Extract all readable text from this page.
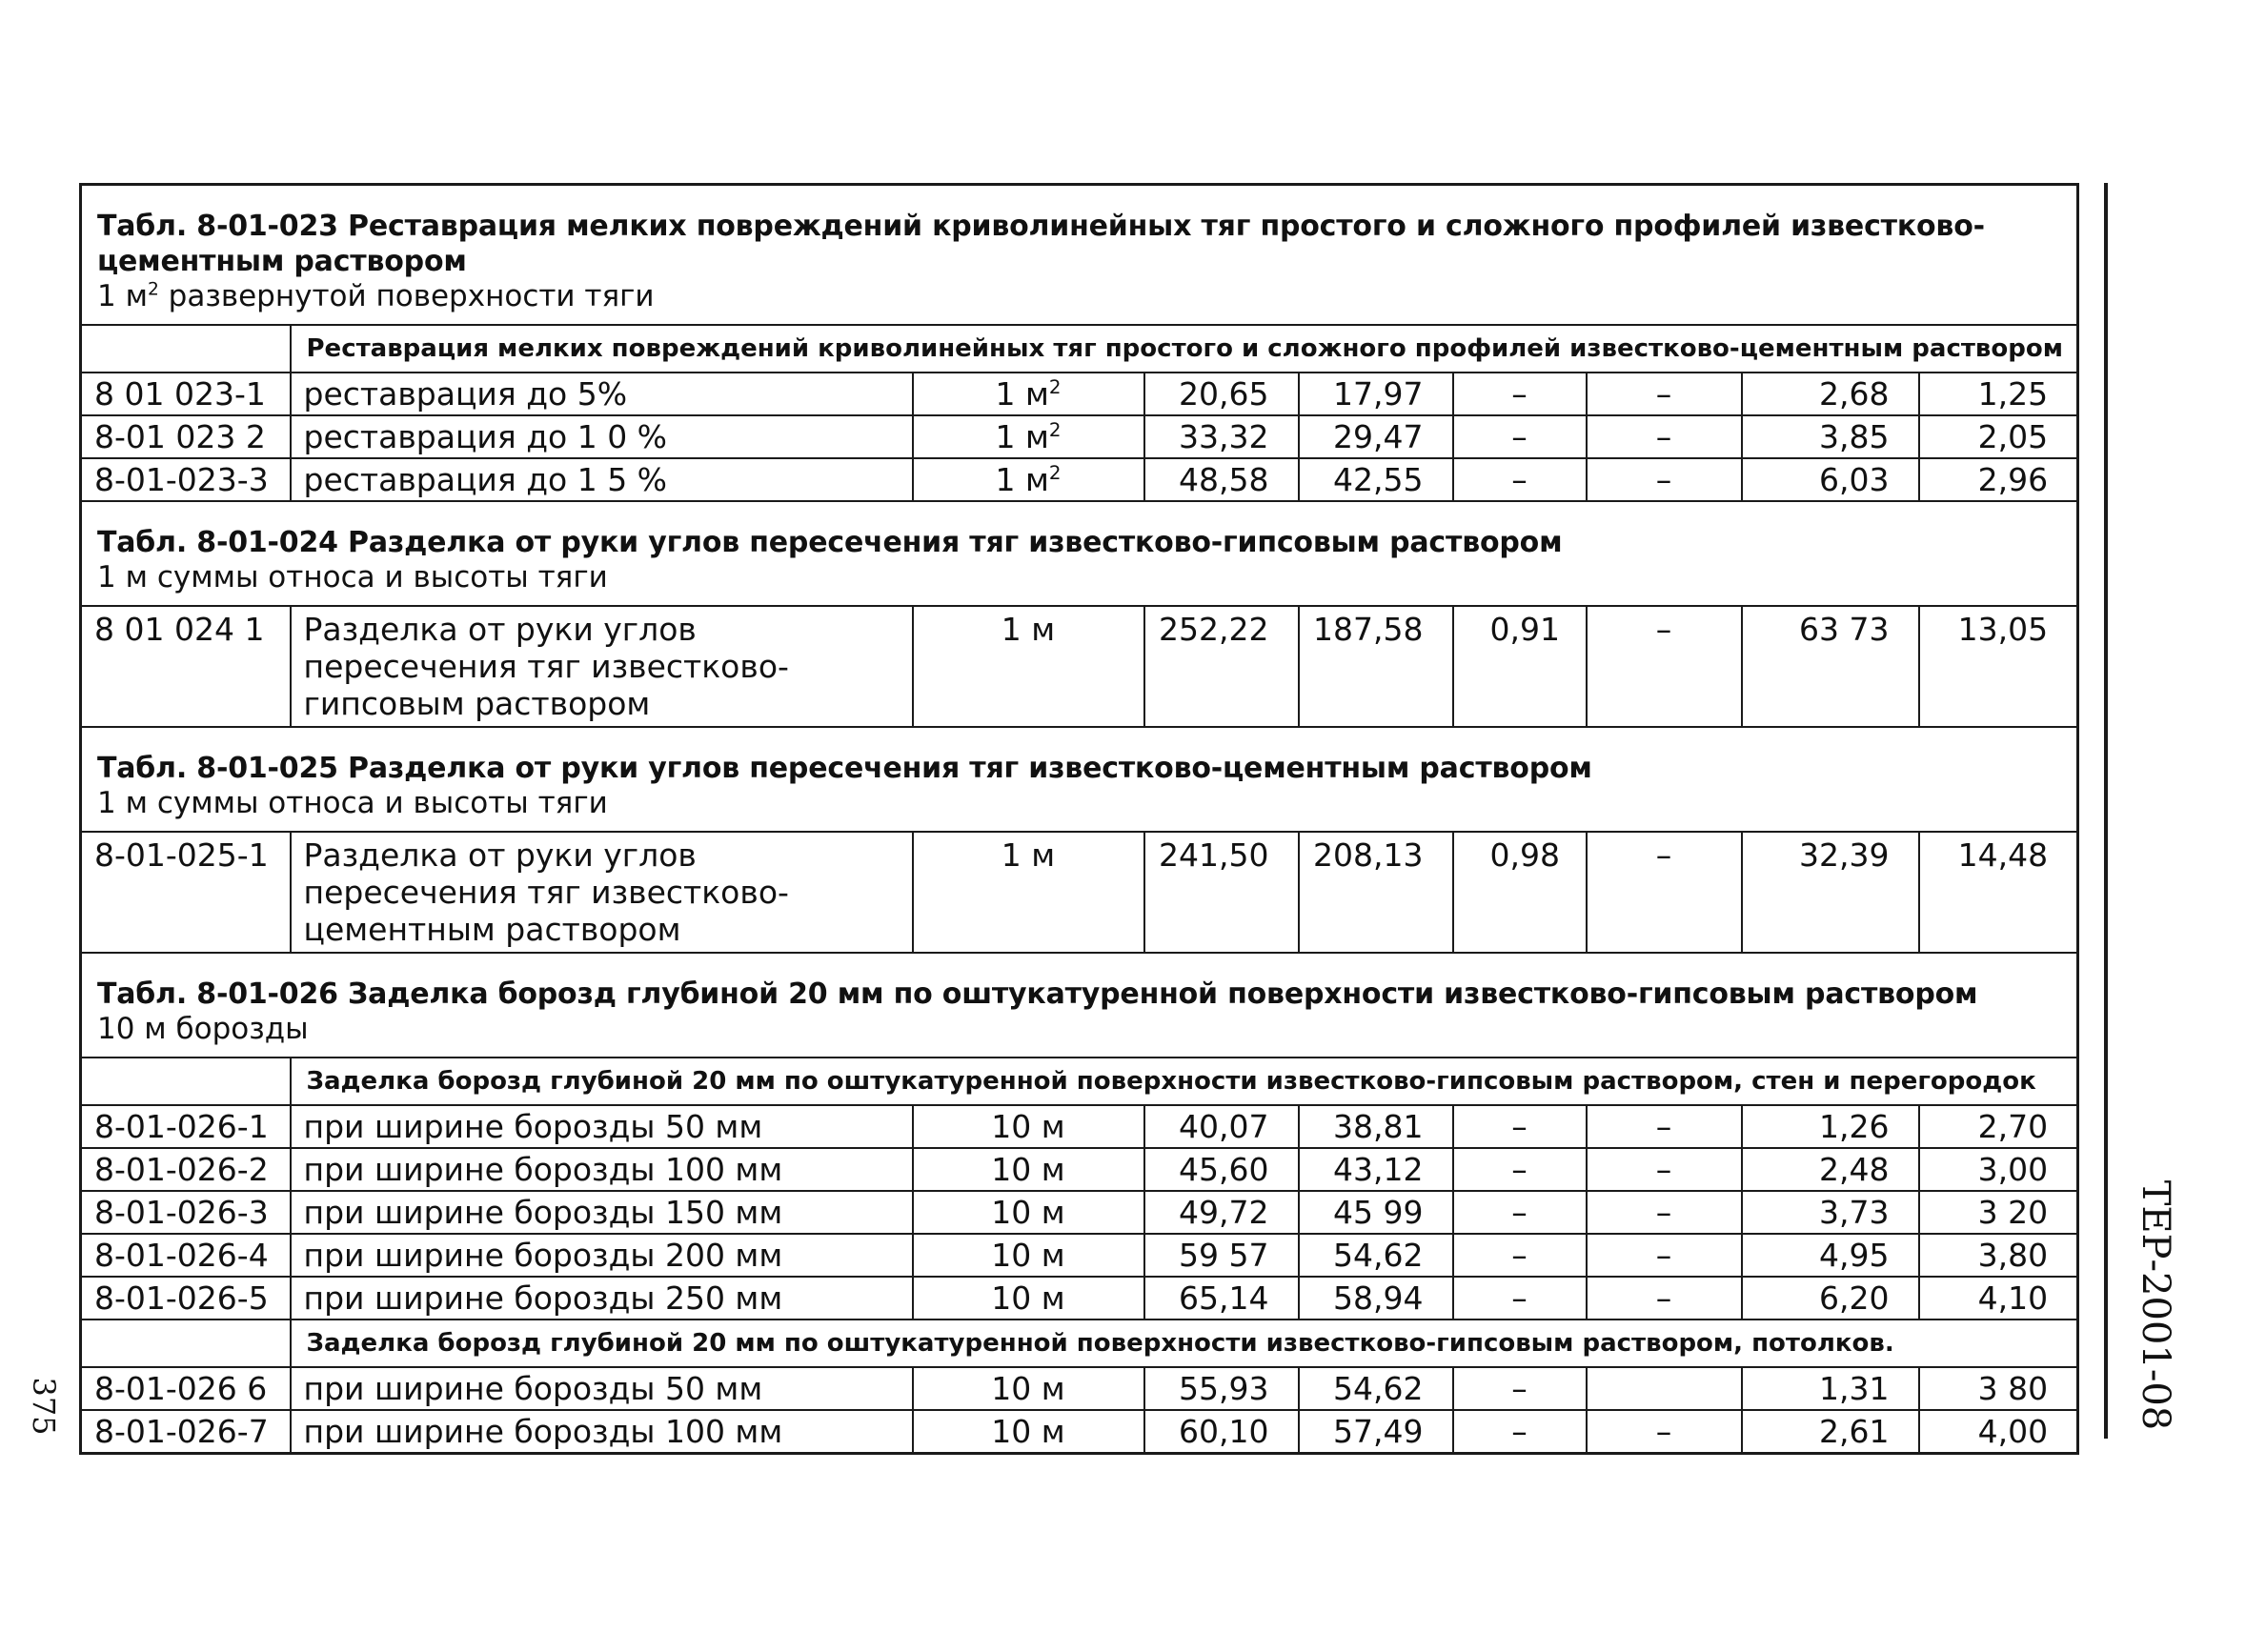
Табл. 8-01-023 Реставрация мелких повреждений криволинейных тяг простого и сложного профилей известково-цементным раствором
1 $м^2$ развернутой поверхности тяги								

	Реставрация мелких повреждений криволинейных тяг простого и сложного профилей известково-цементным раствором							
8 01 023-1	реставрация до 5%	1 $м^2$	20,65	17,97	–	–	2,68	1,25
8-01 023 2	реставрация до 1 0 %	1 $м^2$	33,32	29,47	–	–	3,85	2,05
8-01-023-3	реставрация до 1 5 %	1 $м^2$	48,58	42,55	–	–	6,03	2,96

Табл. 8-01-024 Разделка от руки углов пересечения тяг известково-гипсовым раствором
1 м суммы относа и высоты тяги								

8 01 024 1	Разделка от руки углов пересечения тяг известково-гипсовым раствором	1 м	252,22	187,58	0,91	–	63 73	13,05

Табл. 8-01-025 Разделка от руки углов пересечения тяг известково-цементным раствором
1 м суммы относа и высоты тяги								

8-01-025-1	Разделка от руки углов пересечения тяг известково-цементным раствором	1 м	241,50	208,13	0,98	–	32,39	14,48

Табл. 8-01-026 Заделка борозд глубиной 20 мм по оштукатуренной поверхности известково-гипсовым раствором
10 м борозды								

	Заделка борозд глубиной 20 мм по оштукатуренной поверхности известково-гипсовым раствором, стен и перегородок							
8-01-026-1	при ширине борозды 50 мм	10 м	40,07	38,81	–	–	1,26	2,70
8-01-026-2	при ширине борозды 100 мм	10 м	45,60	43,12	–	–	2,48	3,00
8-01-026-3	при ширине борозды 150 мм	10 м	49,72	45 99	–	–	3,73	3 20
8-01-026-4	при ширине борозды 200 мм	10 м	59 57	54,62	–	–	4,95	3,80
8-01-026-5	при ширине борозды 250 мм	10 м	65,14	58,94	–	–	6,20	4,10
	Заделка борозд глубиной 20 мм по оштукатуренной поверхности известково-гипсовым раствором, потолков.							
8-01-026 6	при ширине борозды 50 мм	10 м	55,93	54,62	–		1,31	3 80
8-01-026-7	при ширине борозды 100 мм	10 м	60,10	57,49	–	–	2,61	4,00
ТЕР-2001-08
375
